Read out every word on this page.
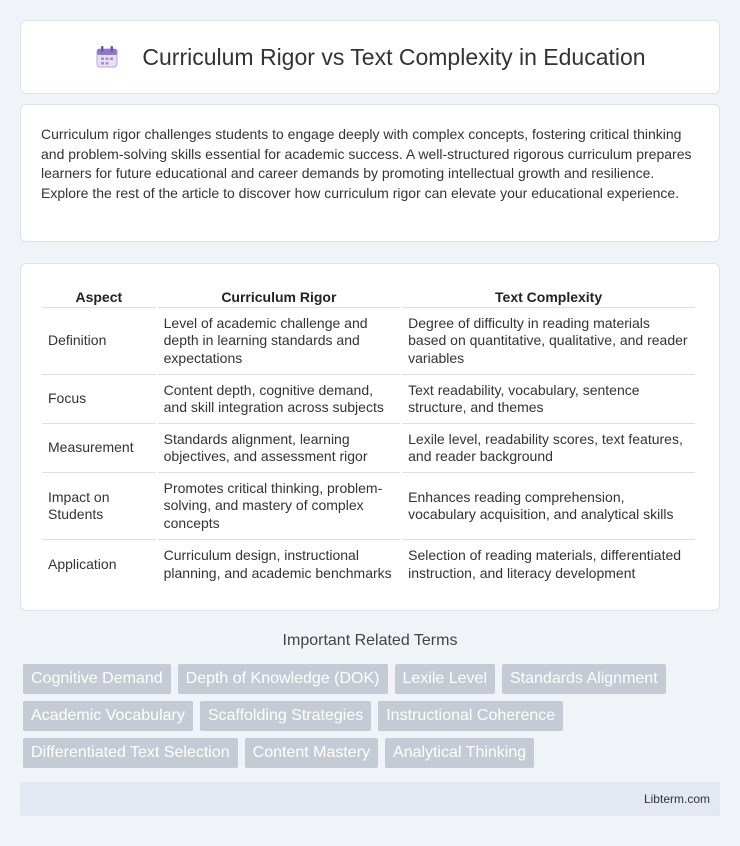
Curriculum Rigor vs Text Complexity in Education

Curriculum rigor challenges students to engage deeply with complex concepts, fostering critical thinking and problem-solving skills essential for academic success. A well-structured rigorous curriculum prepares learners for future educational and career demands by promoting intellectual growth and resilience. Explore the rest of the article to discover how curriculum rigor can elevate your educational experience.

Aspect	Curriculum Rigor	Text Complexity
Definition	Level of academic challenge and depth in learning standards and expectations	Degree of difficulty in reading materials based on quantitative, qualitative, and reader variables
Focus	Content depth, cognitive demand, and skill integration across subjects	Text readability, vocabulary, sentence structure, and themes
Measurement	Standards alignment, learning objectives, and assessment rigor	Lexile level, readability scores, text features, and reader background
Impact on Students	Promotes critical thinking, problem-solving, and mastery of complex concepts	Enhances reading comprehension, vocabulary acquisition, and analytical skills
Application	Curriculum design, instructional planning, and academic benchmarks	Selection of reading materials, differentiated instruction, and literacy development
Important Related Terms
Cognitive Demand	Depth of Knowledge (DOK)	Lexile Level	Standards Alignment
Academic Vocabulary	Scaffolding Strategies	Instructional Coherence
Differentiated Text Selection	Content Mastery	Analytical Thinking
Libterm.com
